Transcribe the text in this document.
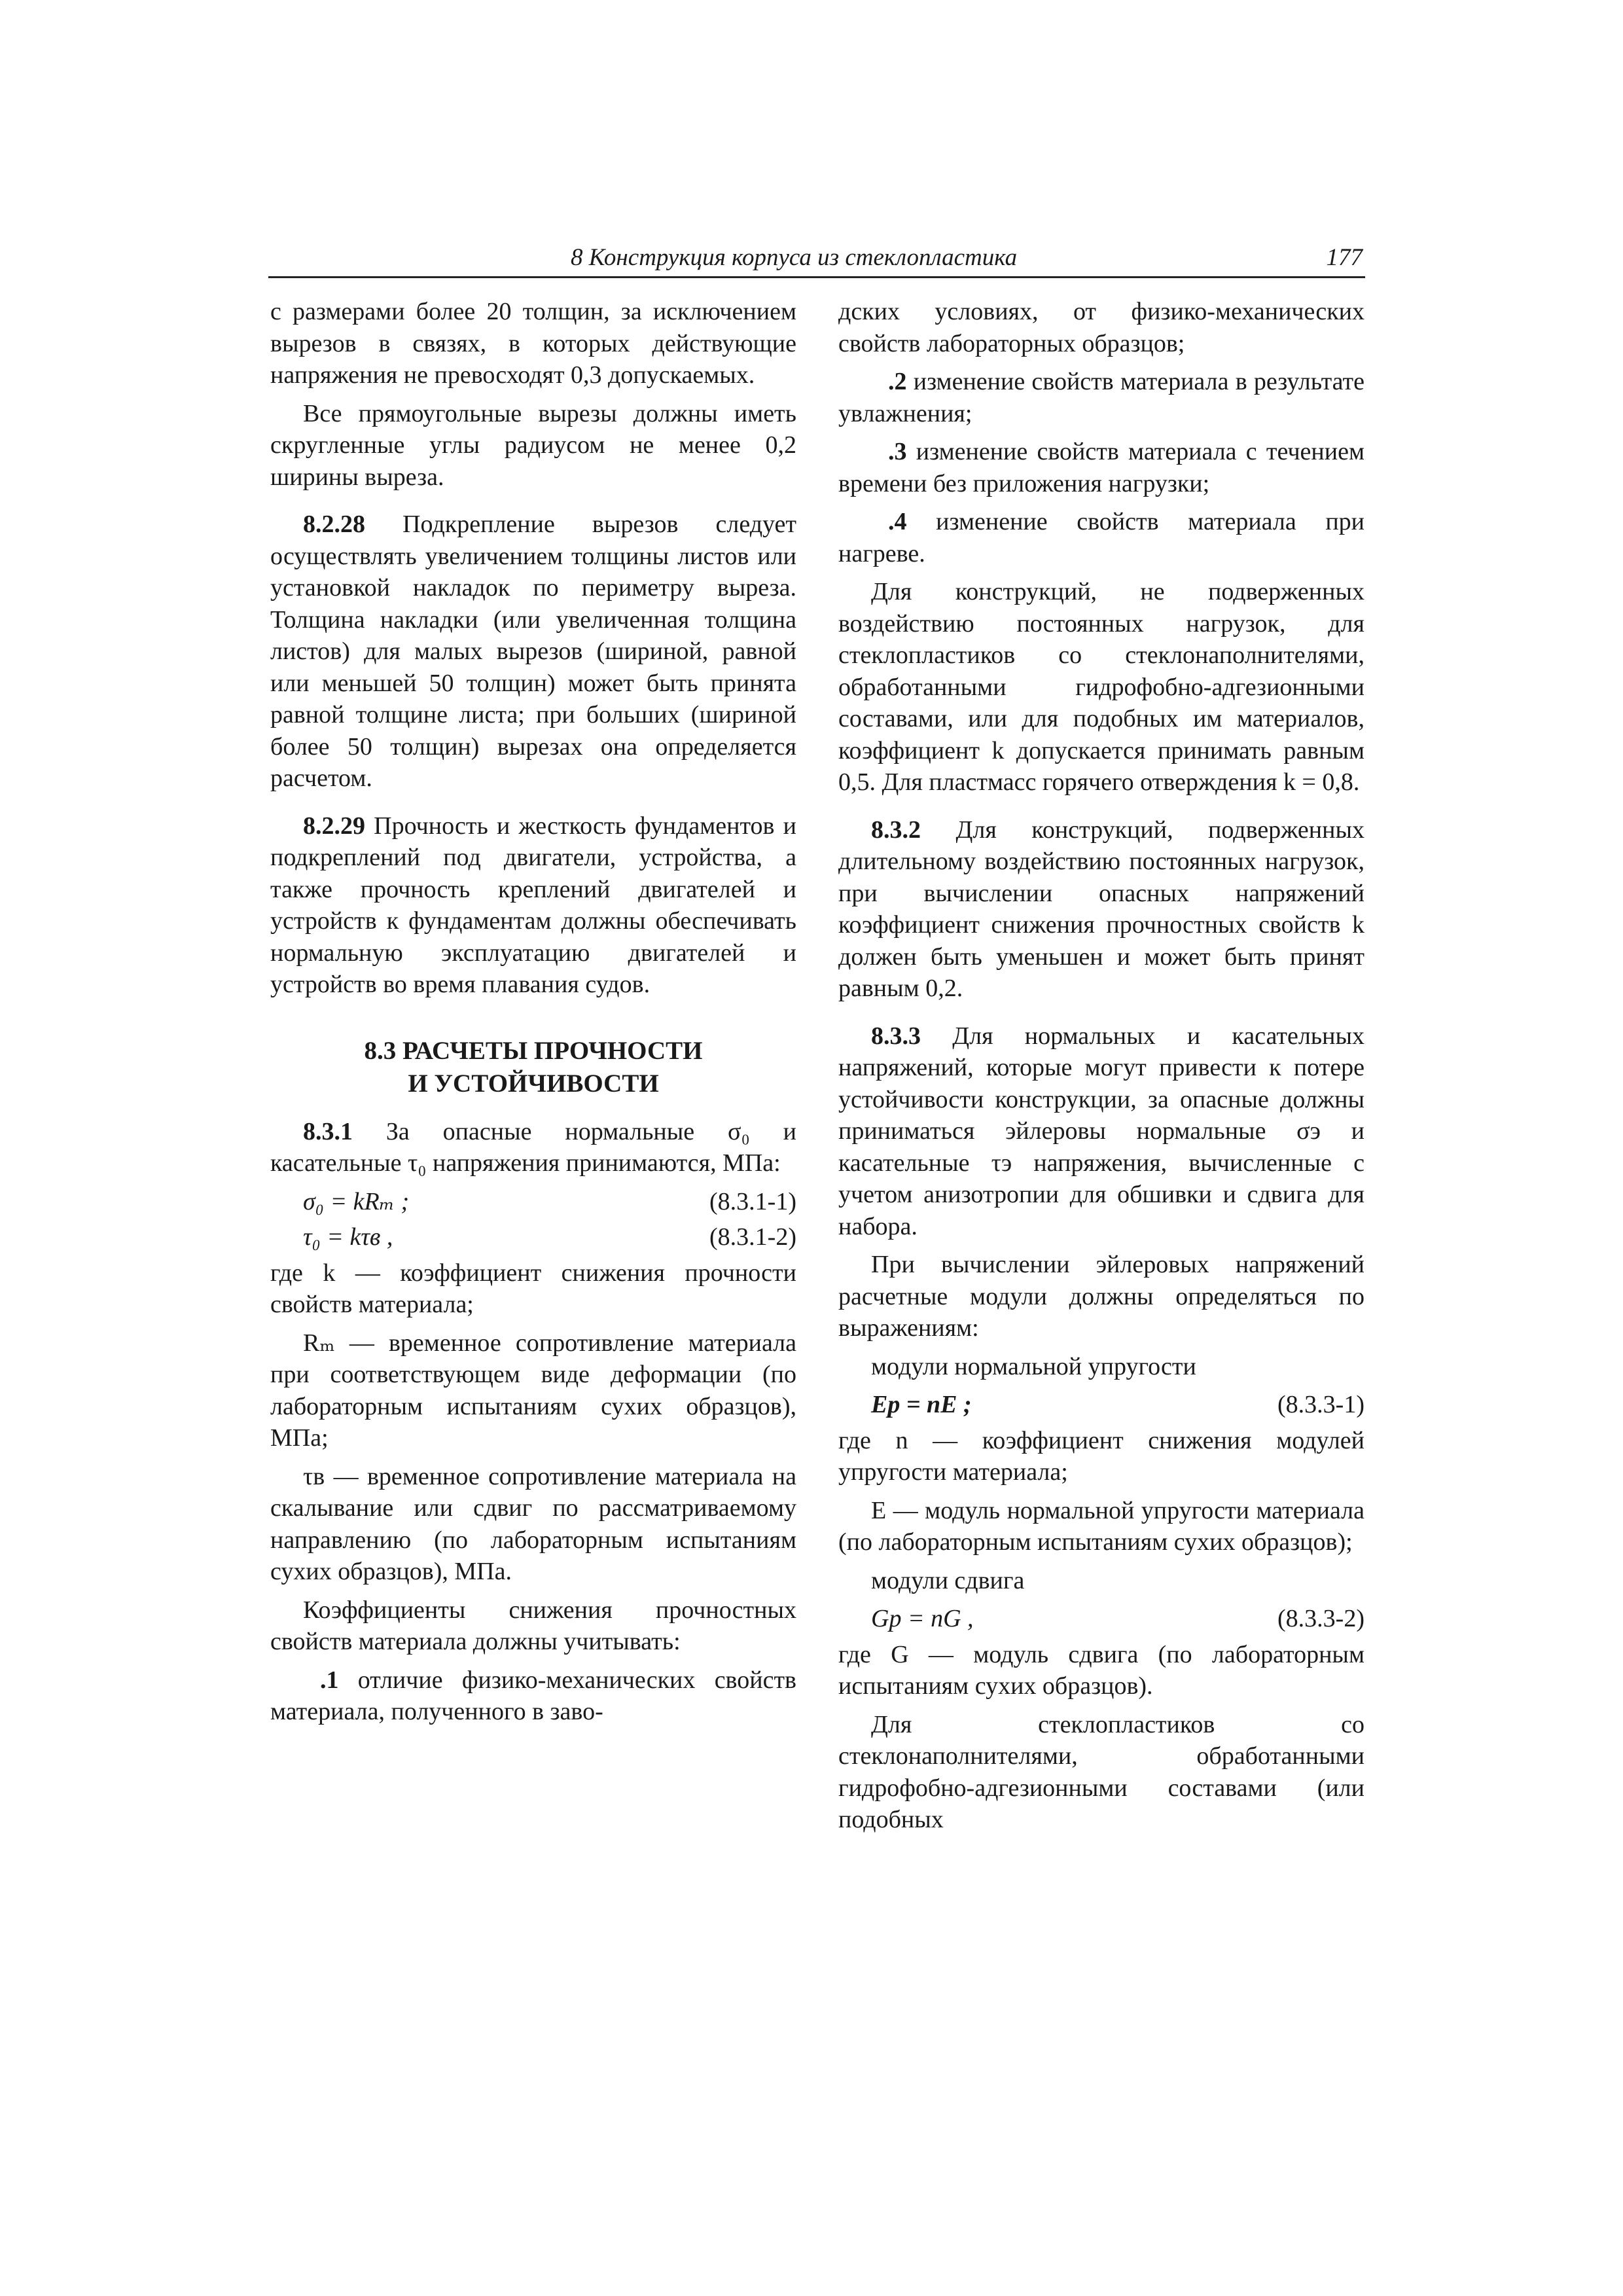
8 Конструкция корпуса из стеклопластика	177

с размерами более 20 толщин, за исключением вырезов в связях, в которых действующие напряжения не превосходят 0,3 допускаемых.

Все прямоугольные вырезы должны иметь скругленные углы радиусом не менее 0,2 ширины выреза.

8.2.28 Подкрепление вырезов следует осуществлять увеличением толщины листов или установкой накладок по периметру выреза. Толщина накладки (или увеличенная толщина листов) для малых вырезов (шириной, равной или меньшей 50 толщин) может быть принята равной толщине листа; при больших (шириной более 50 толщин) вырезах она определяется расчетом.

8.2.29 Прочность и жесткость фундаментов и подкреплений под двигатели, устройства, а также прочность креплений двигателей и устройств к фундаментам должны обеспечивать нормальную эксплуатацию двигателей и устройств во время плавания судов.

8.3 РАСЧЕТЫ ПРОЧНОСТИ
И УСТОЙЧИВОСТИ

8.3.1 За опасные нормальные σ₀ и касательные τ₀ напряжения принимаются, МПа:

σ₀ = kRₘ ;	(8.3.1-1)
τ₀ = kτв ,	(8.3.1-2)

где k — коэффициент снижения прочности свойств материала;

Rₘ — временное сопротивление материала при соответствующем виде деформации (по лабораторным испытаниям сухих образцов), МПа;

τв — временное сопротивление материала на скалывание или сдвиг по рассматриваемому направлению (по лабораторным испытаниям сухих образцов), МПа.

Коэффициенты снижения прочностных свойств материала должны учитывать:

.1 отличие физико-механических свойств материала, полученного в заво-

дских условиях, от физико-механических свойств лабораторных образцов;

.2 изменение свойств материала в результате увлажнения;

.3 изменение свойств материала с течением времени без приложения нагрузки;

.4 изменение свойств материала при нагреве.

Для конструкций, не подверженных воздействию постоянных нагрузок, для стеклопластиков со стеклонаполнителями, обработанными гидрофобно-адгезионными составами, или для подобных им материалов, коэффициент k допускается принимать равным 0,5. Для пластмасс горячего отверждения k = 0,8.

8.3.2 Для конструкций, подверженных длительному воздействию постоянных нагрузок, при вычислении опасных напряжений коэффициент снижения прочностных свойств k должен быть уменьшен и может быть принят равным 0,2.

8.3.3 Для нормальных и касательных напряжений, которые могут привести к потере устойчивости конструкции, за опасные должны приниматься эйлеровы нормальные σэ и касательные τэ напряжения, вычисленные с учетом анизотропии для обшивки и сдвига для набора.

При вычислении эйлеровых напряжений расчетные модули должны определяться по выражениям:

модули нормальной упругости

Eр = nE ;	(8.3.3-1)

где n — коэффициент снижения модулей упругости материала;

E — модуль нормальной упругости материала (по лабораторным испытаниям сухих образцов);

модули сдвига

Gр = nG ,	(8.3.3-2)

где G — модуль сдвига (по лабораторным испытаниям сухих образцов).

Для стеклопластиков со стеклонаполнителями, обработанными гидрофобно-адгезионными составами (или подобных
